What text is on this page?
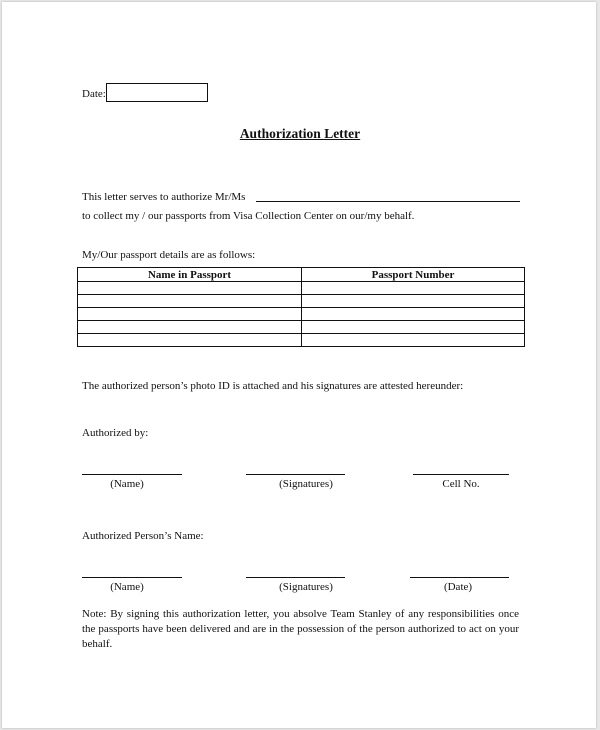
Date:
Authorization Letter
This letter serves to authorize Mr/Ms
to collect my / our passports from Visa Collection Center on our/my behalf.
My/Our passport details are as follows:
Name in Passport	Passport Number

The authorized person’s photo ID is attached and his signatures are attested hereunder:
Authorized by:
(Name)	(Signatures)	Cell No.
Authorized Person’s Name:
(Name)	(Signatures)	(Date)
Note: By signing this authorization letter, you absolve Team Stanley of any responsibilities once the passports have been delivered and are in the possession of the person authorized to act on your behalf.
